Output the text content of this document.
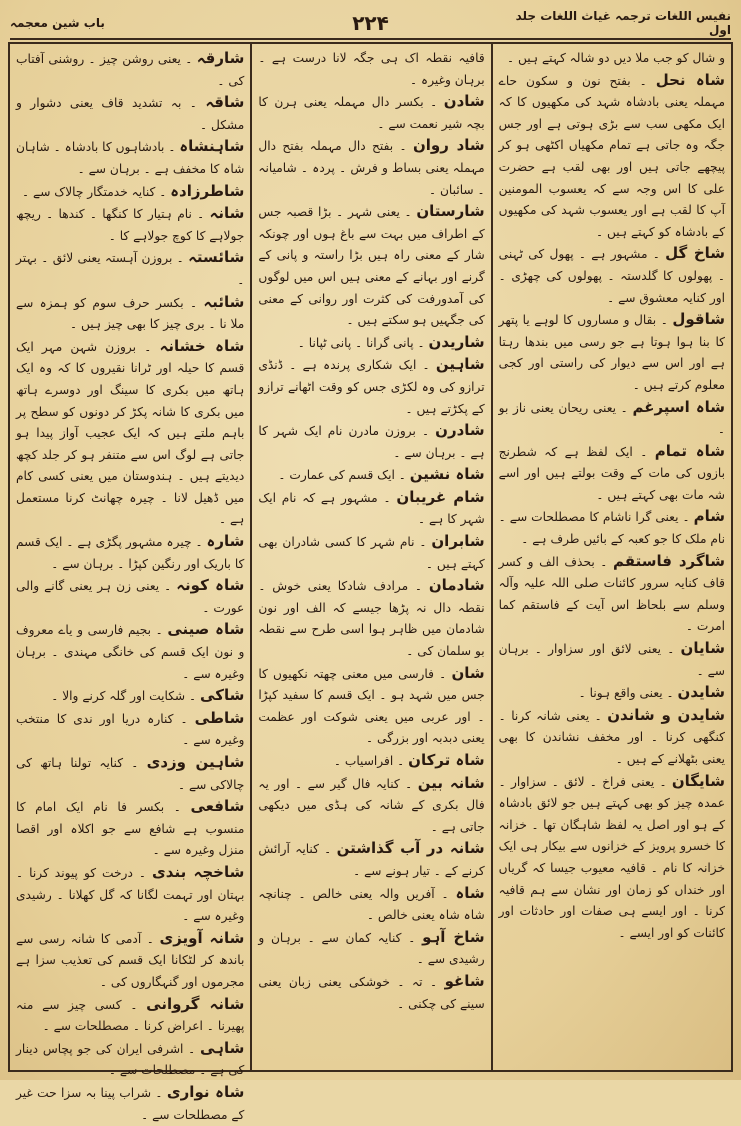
نفیس اللغات ترجمہ غیاث اللغات جلد اول
۲۲۴
باب شین معجمہ

و شال کو جب ملا دیں دو شالہ کہتے ہیں ۔

شاہ نحل ۔ بفتح نون و سکون حاے مہملہ یعنی بادشاہ شہد کی مکھیوں کا کہ ایک مکھی سب سے بڑی ہوتی ہے اور جس جگہ وہ جاتی ہے تمام مکھیاں اکٹھی ہو کر پیچھے جاتی ہیں اور بھی لقب ہے حضرت علی کا اس وجہ سے کہ یعسوب المومنین آپ کا لقب ہے اور یعسوب شہد کی مکھیوں کے بادشاہ کو کہتے ہیں ۔

شاخ گل ۔ مشہور ہے ۔ پھول کی ٹہنی ۔ پھولوں کا گلدستہ ۔ پھولوں کی چھڑی ۔ اور کنایہ معشوق سے ۔

شاقول ۔ بقال و مساروں کا لوہے یا پتھر کا بنا ہوا ہوتا ہے جو رسی میں بندھا رہتا ہے اور اس سے دیوار کی راستی اور کجی معلوم کرتے ہیں ۔

شاہ اسپرغم ۔ یعنی ریحان یعنی ناز بو ۔

شاہ تمام ۔ ایک لفظ ہے کہ شطرنج بازوں کی مات کے وقت بولتے ہیں اور اسے شہ مات بھی کہتے ہیں ۔

شام ۔ یعنی گرا ناشام کا مصطلحات سے ۔ نام ملک کا جو کعبہ کے بائیں طرف ہے ۔

شاگرد فاستقم ۔ بحذف الف و کسر قاف کنایہ سرور کائنات صلی اللہ علیہ وآلہ وسلم سے بلحاظ اس آیت کے فاستقم کما امرت ۔

شایان ۔ یعنی لائق اور سزاوار ۔ برہان سے ۔

شایدن ۔ یعنی واقع ہونا ۔

شایدن و شاندن ۔ یعنی شانہ کرنا ۔ کنگھی کرنا ۔ اور مخفف نشاندن کا بھی یعنی بٹھلانے کے ہیں ۔

شایگان ۔ یعنی فراخ ۔ لائق ۔ سزاوار ۔ عمدہ چیز کو بھی کہتے ہیں جو لائق بادشاہ کے ہو اور اصل یہ لفظ شاہگان تھا ۔ خزانہ کا خسرو پرویز کے خزانوں سے بیکار ہی ایک خزانہ کا نام ۔ قافیہ معیوب جیسا کہ گریاں اور خنداں کو زمان اور نشان سے ہم قافیہ کرنا ۔ اور ایسے ہی صفات اور حادثات اور کائنات کو اور ایسے ۔

قافیہ نقطہ اک ہی جگہ لانا درست ہے ۔ برہان وغیرہ ۔

شادن ۔ بکسر دال مہملہ یعنی ہرن کا بچہ شیر نعمت سے ۔

شاد روان ۔ بفتح دال مہملہ بفتح دال مہملہ یعنی بساط و فرش ۔ پردہ ۔ شامیانہ ۔ سائبان ۔

شارستان ۔ یعنی شہر ۔ بڑا قصبہ جس کے اطراف میں بہت سے باغ ہوں اور چونکہ شار کے معنی راہ ہیں بڑا راستہ و پانی کے گرنے اور بہانے کے معنی ہیں اس میں لوگوں کی آمدورفت کی کثرت اور روانی کے معنی کی جگہیں ہو سکتے ہیں ۔

شاریدن ۔ پانی گرانا ۔ پانی ٹپانا ۔

شاہین ۔ ایک شکاری پرندہ ہے ۔ ڈنڈی ترازو کی وہ لکڑی جس کو وقت اٹھانے ترازو کے پکڑتے ہیں ۔

شادرن ۔ بروزن مادرن نام ایک شہر کا ہے ۔ برہان سے ۔

شاہ نشین ۔ ایک قسم کی عمارت ۔

شام غریبان ۔ مشہور ہے کہ نام ایک شہر کا ہے ۔

شابران ۔ نام شہر کا کسی شادران بھی کہتے ہیں ۔

شادمان ۔ مرادف شادکا یعنی خوش ۔ نقطہ دال نہ پڑھا جیسے کہ الف اور نون شادمان میں ظاہر ہوا اسی طرح سے نقطہ بو سلمان کی ۔

شان ۔ فارسی میں معنی چھتہ نکھیوں کا جس میں شہد ہو ۔ ایک قسم کا سفید کپڑا ۔ اور عربی میں یعنی شوکت اور عظمت یعنی دبدبہ اور بزرگی ۔

شاہ ترکان ۔ افراسیاب ۔

شانہ بین ۔ کنایہ فال گیر سے ۔ اور یہ فال بکری کے شانہ کی ہڈی میں دیکھی جاتی ہے ۔

شانہ در آب گذاشتن ۔ کنایہ آرائش کرنے کے ۔ تیار ہونے سے ۔

شاہ ۔ آفریں والہ یعنی خالص ۔ چنانچہ شاہ شاہ یعنی خالص ۔

شاخ آہو ۔ کنایہ کمان سے ۔ برہان و رشیدی سے ۔

شاغو ۔ تہ ۔ خوشکی یعنی زبان یعنی سینے کی چکنی ۔

شارقہ ۔ یعنی روشن چیز ۔ روشنی آفتاب کی ۔

شاقہ ۔ بہ تشدید قاف یعنی دشوار و مشکل ۔

شاہنشاہ ۔ بادشاہوں کا بادشاہ ۔ شاہان شاہ کا مخفف ہے ۔ برہان سے ۔

شاطرزادہ ۔ کنایہ خدمتگار چالاک سے ۔

شانہ ۔ نام ہتیار کا کنگھا ۔ کندھا ۔ ریچھ جولاہے کا کوچ جولاہے کا ۔

شائستہ ۔ بروزن آہستہ یعنی لائق ۔ بہتر ۔

شائبہ ۔ بکسر حرف سوم کو ہمزہ سے ملا نا ۔ بری چیز کا بھی چیز ہیں ۔

شاہ خشانہ ۔ بروزن شہن مہر ایک قسم کا حیلہ اور ٹرانا نقیروں کا کہ وہ ایک ہاتھ میں بکری کا سینگ اور دوسرے ہاتھ میں بکری کا شانہ پکڑ کر دونوں کو سطح پر باہم ملتے ہیں کہ ایک عجیب آواز پیدا ہو جاتی ہے لوگ اس سے متنفر ہو کر جلد کچھ دیدیتے ہیں ۔ ہندوستان میں یعنی کسی کام میں ڈھیل لانا ۔ چیرہ چھانٹ کرنا مستعمل ہے ۔

شارہ ۔ چیرہ مشہور پگڑی ہے ۔ ایک قسم کا باریک اور رنگین کپڑا ۔ برہان سے ۔

شاہ کونہ ۔ یعنی زن ہر یعنی گانے والی عورت ۔

شاہ صینی ۔ بجیم فارسی و یاے معروف و نون ایک قسم کی خانگی مہندی ۔ برہان وغیرہ سے ۔

شاکی ۔ شکایت اور گلہ کرنے والا ۔

شاطی ۔ کنارہ دریا اور ندی کا منتخب وغیرہ سے ۔

شاہین وزدی ۔ کنایہ تولنا ہاتھ کی چالاکی سے ۔

شافعی ۔ بکسر فا نام ایک امام کا منسوب ہے شافع سے جو اکلاہ اور اقصا منزل وغیرہ سے ۔

شاخچہ بندی ۔ درخت کو پیوند کرنا ۔ بہتان اور تہمت لگانا کہ گل کھلانا ۔ رشیدی وغیرہ سے ۔

شانہ آویزی ۔ آدمی کا شانہ رسی سے باندھ کر لٹکانا ایک قسم کی تعذیب سزا ہے مجرموں اور گنہگاروں کی ۔

شانہ گروانی ۔ کسی چیز سے منہ پھیرنا ۔ اعراض کرنا ۔ مصطلحات سے ۔

شاہی ۔ اشرفی ایران کی جو پچاس دینار کی ہے ۔ مصطلحات سے ۔

شاہ نواری ۔ شراب پینا بہ سزا حت غیر کے مصطلحات سے ۔
